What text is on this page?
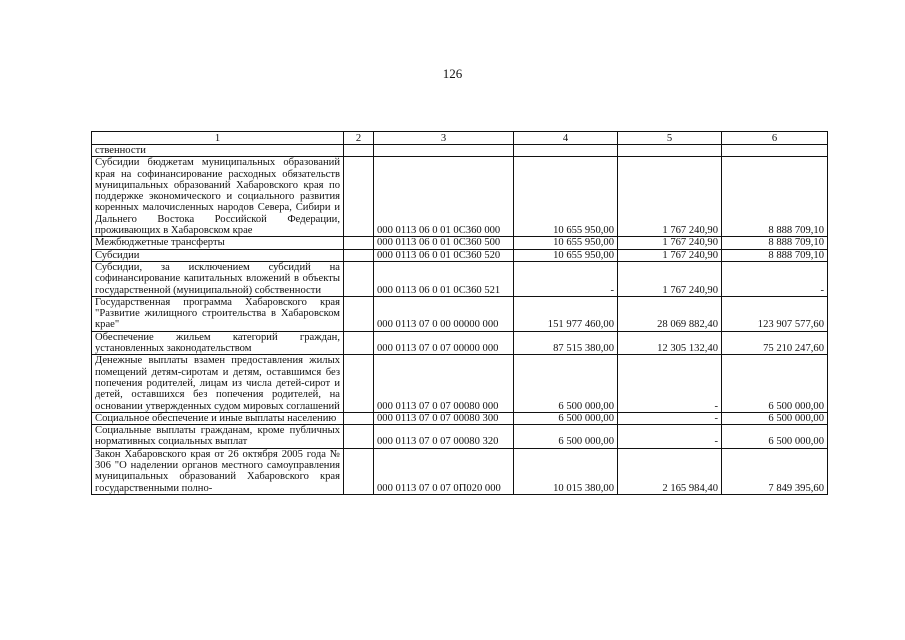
126
1	2	3	4	5	6
ственности					
Субсидии бюджетам муниципальных образований края на софинансирование расходных обязательств муниципальных образований Хабаровского края по поддержке экономического и социального развития коренных малочисленных народов Севера, Сибири и Дальнего Востока Российской Федерации, проживающих в Хабаровском крае		000 0113 06 0 01 0С360 000	10 655 950,00	1 767 240,90	8 888 709,10
Межбюджетные трансферты		000 0113 06 0 01 0С360 500	10 655 950,00	1 767 240,90	8 888 709,10
Субсидии		000 0113 06 0 01 0С360 520	10 655 950,00	1 767 240,90	8 888 709,10
Субсидии, за исключением субсидий на софинансирование капитальных вложений в объекты государственной (муниципальной) собственности		000 0113 06 0 01 0С360 521	-	1 767 240,90	-
Государственная программа Хабаровского края "Развитие жилищного строительства в Хабаровском крае"		000 0113 07 0 00 00000 000	151 977 460,00	28 069 882,40	123 907 577,60
Обеспечение жильем категорий граждан, установленных законодательством		000 0113 07 0 07 00000 000	87 515 380,00	12 305 132,40	75 210 247,60
Денежные выплаты взамен предоставления жилых помещений детям-сиротам и детям, оставшимся без попечения родителей, лицам из числа детей-сирот и детей, оставшихся без попечения родителей, на основании утвержденных судом мировых соглашений		000 0113 07 0 07 00080 000	6 500 000,00	-	6 500 000,00
Социальное обеспечение и иные выплаты населению		000 0113 07 0 07 00080 300	6 500 000,00	-	6 500 000,00
Социальные выплаты гражданам, кроме публичных нормативных социальных выплат		000 0113 07 0 07 00080 320	6 500 000,00	-	6 500 000,00
Закон Хабаровского края от 26 октября 2005 года № 306 "О наделении органов местного самоуправления муниципальных образований Хабаровского края государственными полно-		000 0113 07 0 07 0П020 000	10 015 380,00	2 165 984,40	7 849 395,60
